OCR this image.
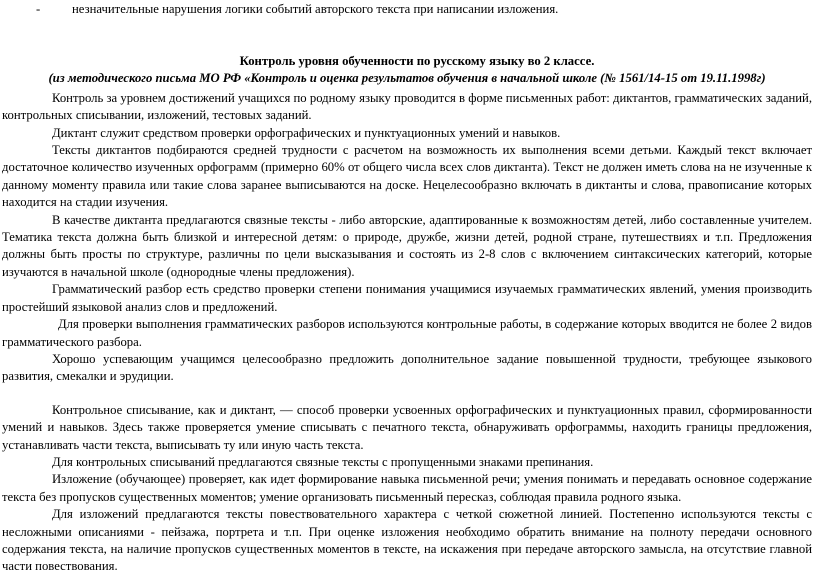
-	незначительные нарушения логики событий авторского текста при написании изложения.

Контроль уровня обученности по русскому языку во 2 классе.

(из методического письма МО РФ «Контроль и оценка результатов обучения в начальной школе (№ 1561/14-15 от 19.11.1998г)

Контроль за уровнем достижений учащихся по родному языку проводится в форме письменных работ: диктантов, грамматических заданий, контрольных списывании, изложений, тестовых заданий.

Диктант служит средством проверки орфографических и пунктуационных умений и навыков.

Тексты диктантов подбираются средней трудности с расчетом на возможность их выполнения всеми детьми. Каждый текст включает достаточное количество изученных орфограмм (примерно 60% от общего числа всех слов диктанта). Текст не должен иметь слова на не изученные к данному моменту правила или такие слова заранее выписываются на доске. Нецелесообразно включать в диктанты и слова, правописание которых находится на стадии изучения.

В качестве диктанта предлагаются связные тексты - либо авторские, адаптированные к возможностям детей, либо составленные учителем. Тематика текста должна быть близкой и интересной детям: о природе, дружбе, жизни детей, родной стране, путешествиях и т.п. Предложения должны быть просты по структуре, различны по цели высказывания и состоять из 2-8 слов с включением синтаксических категорий, которые изучаются в начальной школе (однородные члены предложения).

Грамматический разбор есть средство проверки степени понимания учащимися изучаемых грамматических явлений, умения производить простейший языковой анализ слов и предложений.

Для проверки выполнения грамматических разборов используются контрольные работы, в содержание которых вводится не более 2 видов грамматического разбора.

Хорошо успевающим учащимся целесообразно предложить дополнительное задание повышенной трудности, требующее языкового развития, смекалки и эрудиции.

Контрольное списывание, как и диктант, — способ проверки усвоенных орфографических и пунктуационных правил, сформированности умений и навыков. Здесь также проверяется умение списывать с печатного текста, обнаруживать орфограммы, находить границы предложения, устанавливать части текста, выписывать ту или иную часть текста.

Для контрольных списываний предлагаются связные тексты с пропущенными знаками препинания.

Изложение (обучающее) проверяет, как идет формирование навыка письменной речи; умения понимать и передавать основное содержание текста без пропусков существенных моментов; умение организовать письменный пересказ, соблюдая правила родного языка.

Для изложений предлагаются тексты повествовательного характера с четкой сюжетной линией. Постепенно используются тексты с несложными описаниями - пейзажа, портрета и т.п. При оценке изложения необходимо обратить внимание на полноту передачи основного содержания текста, на наличие пропусков существенных моментов в тексте, на искажения при передаче авторского замысла, на отсутствие главной части повествования.
